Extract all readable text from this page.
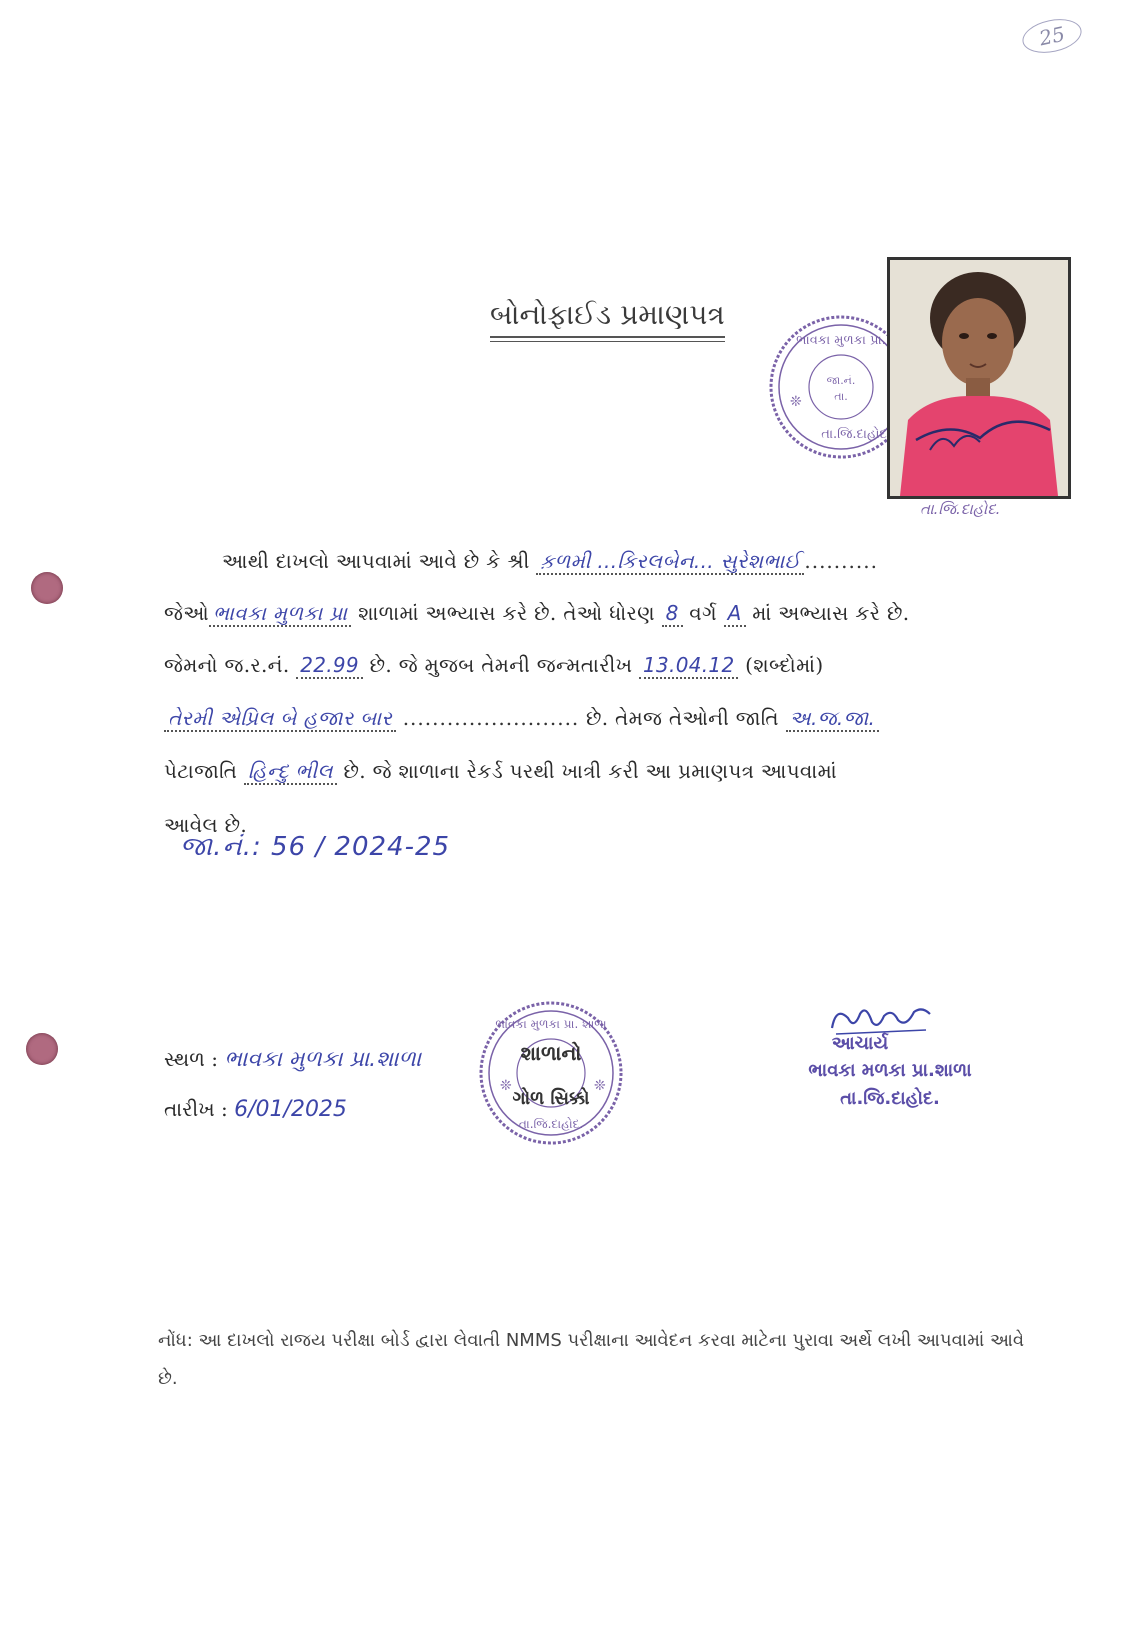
25
બોનોફાઈડ પ્રમાણપત્ર
ભાવકા મુળકા પ્રા.
જા.નં.
તા.
તા.જિ.દાહોદ
❊
તા.જિ.દાહોદ.
આથી દાખલો આપવામાં આવે છે કે શ્રી ક઼ળમી ...કિરલબેન... સુરેશભાઈ ..........
જેઓ ભાવકા મુળકા પ્રા શાળામાં અભ્યાસ કરે છે. તેઓ ધોરણ 8 વર્ગ A માં અભ્યાસ કરે છે.
જેમનો જ.ર.નં. 22.99 છે. જે મુજબ તેમની જન્મતારીખ 13.04.12 (શબ્દોમાં)
તેરમી એપ્રિલ બે હજાર બાર ........................ છે. તેમજ તેઓની જાતિ અ.જ.જા.
પેટાજાતિ હિન્દુ ભીલ છે. જે શાળાના રેકર્ડ પરથી ખાત્રી કરી આ પ્રમાણપત્ર આપવામાં
આવેલ છે.
જા.નં.: 56 / 2024-25
સ્થળ : ભાવકા મુળકા પ્રા.શાળા
તારીખ : 6/01/2025
ભાવકા મુળકા પ્રા. શાળા
તા.જિ.દાહોદ.
શાળાનો
ગોળ સિક્કો
❊	❊
આચાર્ય
ભાવકા મળકા પ્રા.શાળા
તા.જિ.દાહોદ.
નોંધ: આ દાખલો રાજય પરીક્ષા બોર્ડ દ્વારા લેવાતી NMMS પરીક્ષાના આવેદન કરવા માટેના પુરાવા અર્થે લખી આપવામાં આવે છે.
